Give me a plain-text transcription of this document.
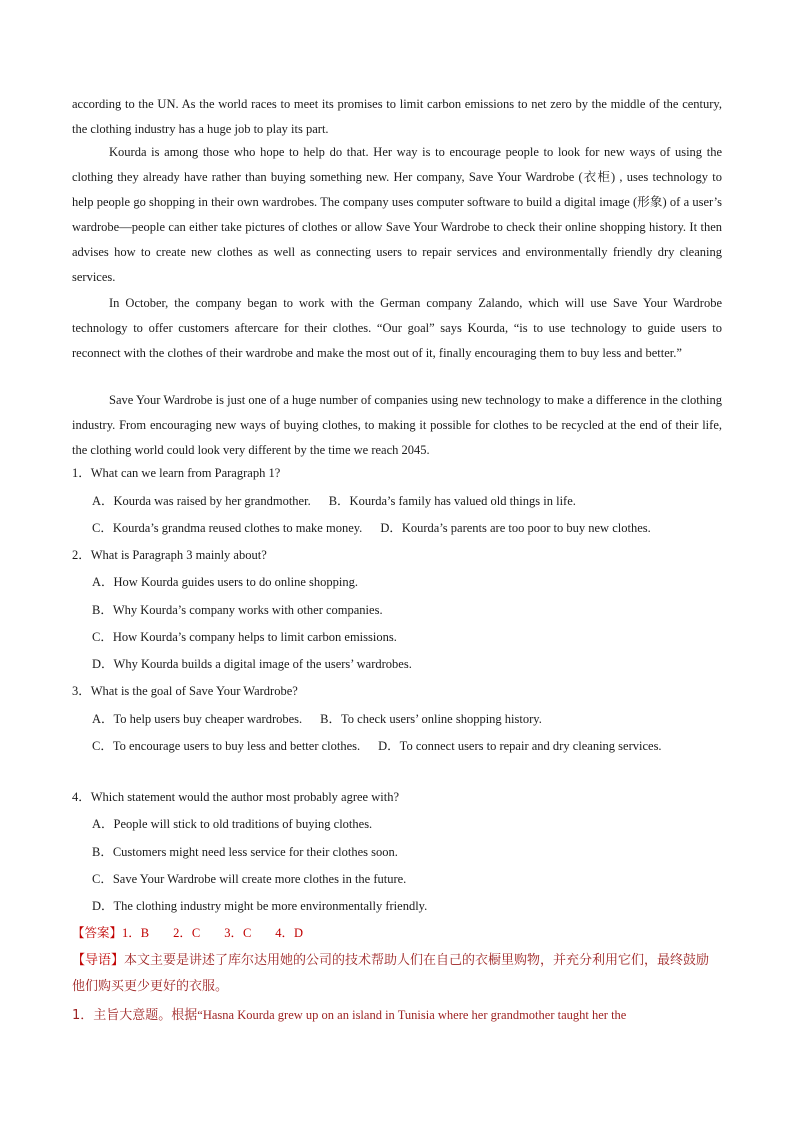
according to the UN. As the world races to meet its promises to limit carbon emissions to net zero by the middle of the century, the clothing industry has a huge job to play its part.

Kourda is among those who hope to help do that. Her way is to encourage people to look for new ways of using the clothing they already have rather than buying something new. Her company, Save Your Wardrobe (衣柜) , uses technology to help people go shopping in their own wardrobes. The company uses computer software to build a digital image (形象) of a user’s wardrobe—people can either take pictures of clothes or allow Save Your Wardrobe to check their online shopping history. It then advises how to create new clothes as well as connecting users to repair services and environmentally friendly dry cleaning services.

In October, the company began to work with the German company Zalando, which will use Save Your Wardrobe technology to offer customers aftercare for their clothes. “Our goal” says Kourda, “is to use technology to guide users to reconnect with the clothes of their wardrobe and make the most out of it, finally encouraging them to buy less and better.”

Save Your Wardrobe is just one of a huge number of companies using new technology to make a difference in the clothing industry. From encouraging new ways of buying clothes, to making it possible for clothes to be recycled at the end of their life, the clothing world could look very different by the time we reach 2045.

1．What can we learn from Paragraph 1?

A．Kourda was raised by her grandmother. B．Kourda’s family has valued old things in life.

C．Kourda’s grandma reused clothes to make money. D．Kourda’s parents are too poor to buy new clothes.

2．What is Paragraph 3 mainly about?

A．How Kourda guides users to do online shopping.

B．Why Kourda’s company works with other companies.

C．How Kourda’s company helps to limit carbon emissions.

D．Why Kourda builds a digital image of the users’ wardrobes.

3．What is the goal of Save Your Wardrobe?

A．To help users buy cheaper wardrobes. B．To check users’ online shopping history.

C．To encourage users to buy less and better clothes. D．To connect users to repair and dry cleaning services.

4．Which statement would the author most probably agree with?

A．People will stick to old traditions of buying clothes.

B．Customers might need less service for their clothes soon.

C．Save Your Wardrobe will create more clothes in the future.

D．The clothing industry might be more environmentally friendly.

【答案】1．B 2．C 3．C 4．D

【导语】本文主要是讲述了库尔达用她的公司的技术帮助人们在自己的衣橱里购物，并充分利用它们，最终鼓励他们购买更少更好的衣服。

1．主旨大意题。根据“Hasna Kourda grew up on an island in Tunisia where her grandmother taught her the
